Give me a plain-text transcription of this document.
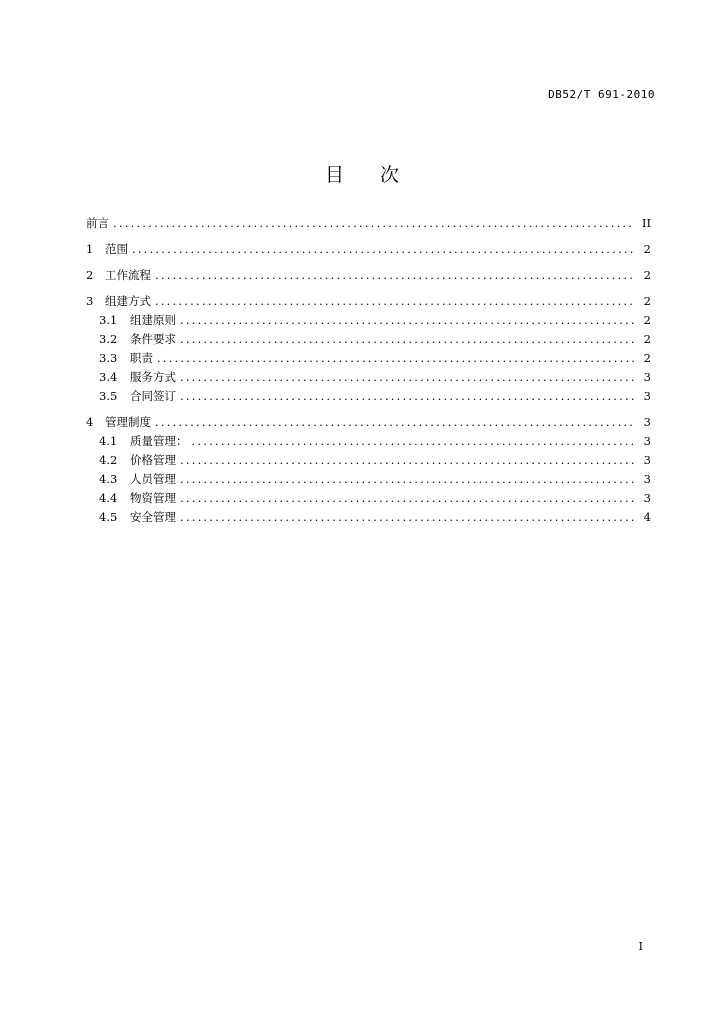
DB52/T 691-2010
目次
前言 .....	II
1	范围 .....	2
2	工作流程 .....	2
3	组建方式 .....	2
3.1	组建原则 .....	2
3.2	条件要求 .....	2
3.3	职责 .....	2
3.4	服务方式 .....	3
3.5	合同签订 .....	3
4	管理制度 .....	3
4.1	质量管理： .....	3
4.2	价格管理 .....	3
4.3	人员管理 .....	3
4.4	物资管理 .....	3
4.5	安全管理 .....	4
I
